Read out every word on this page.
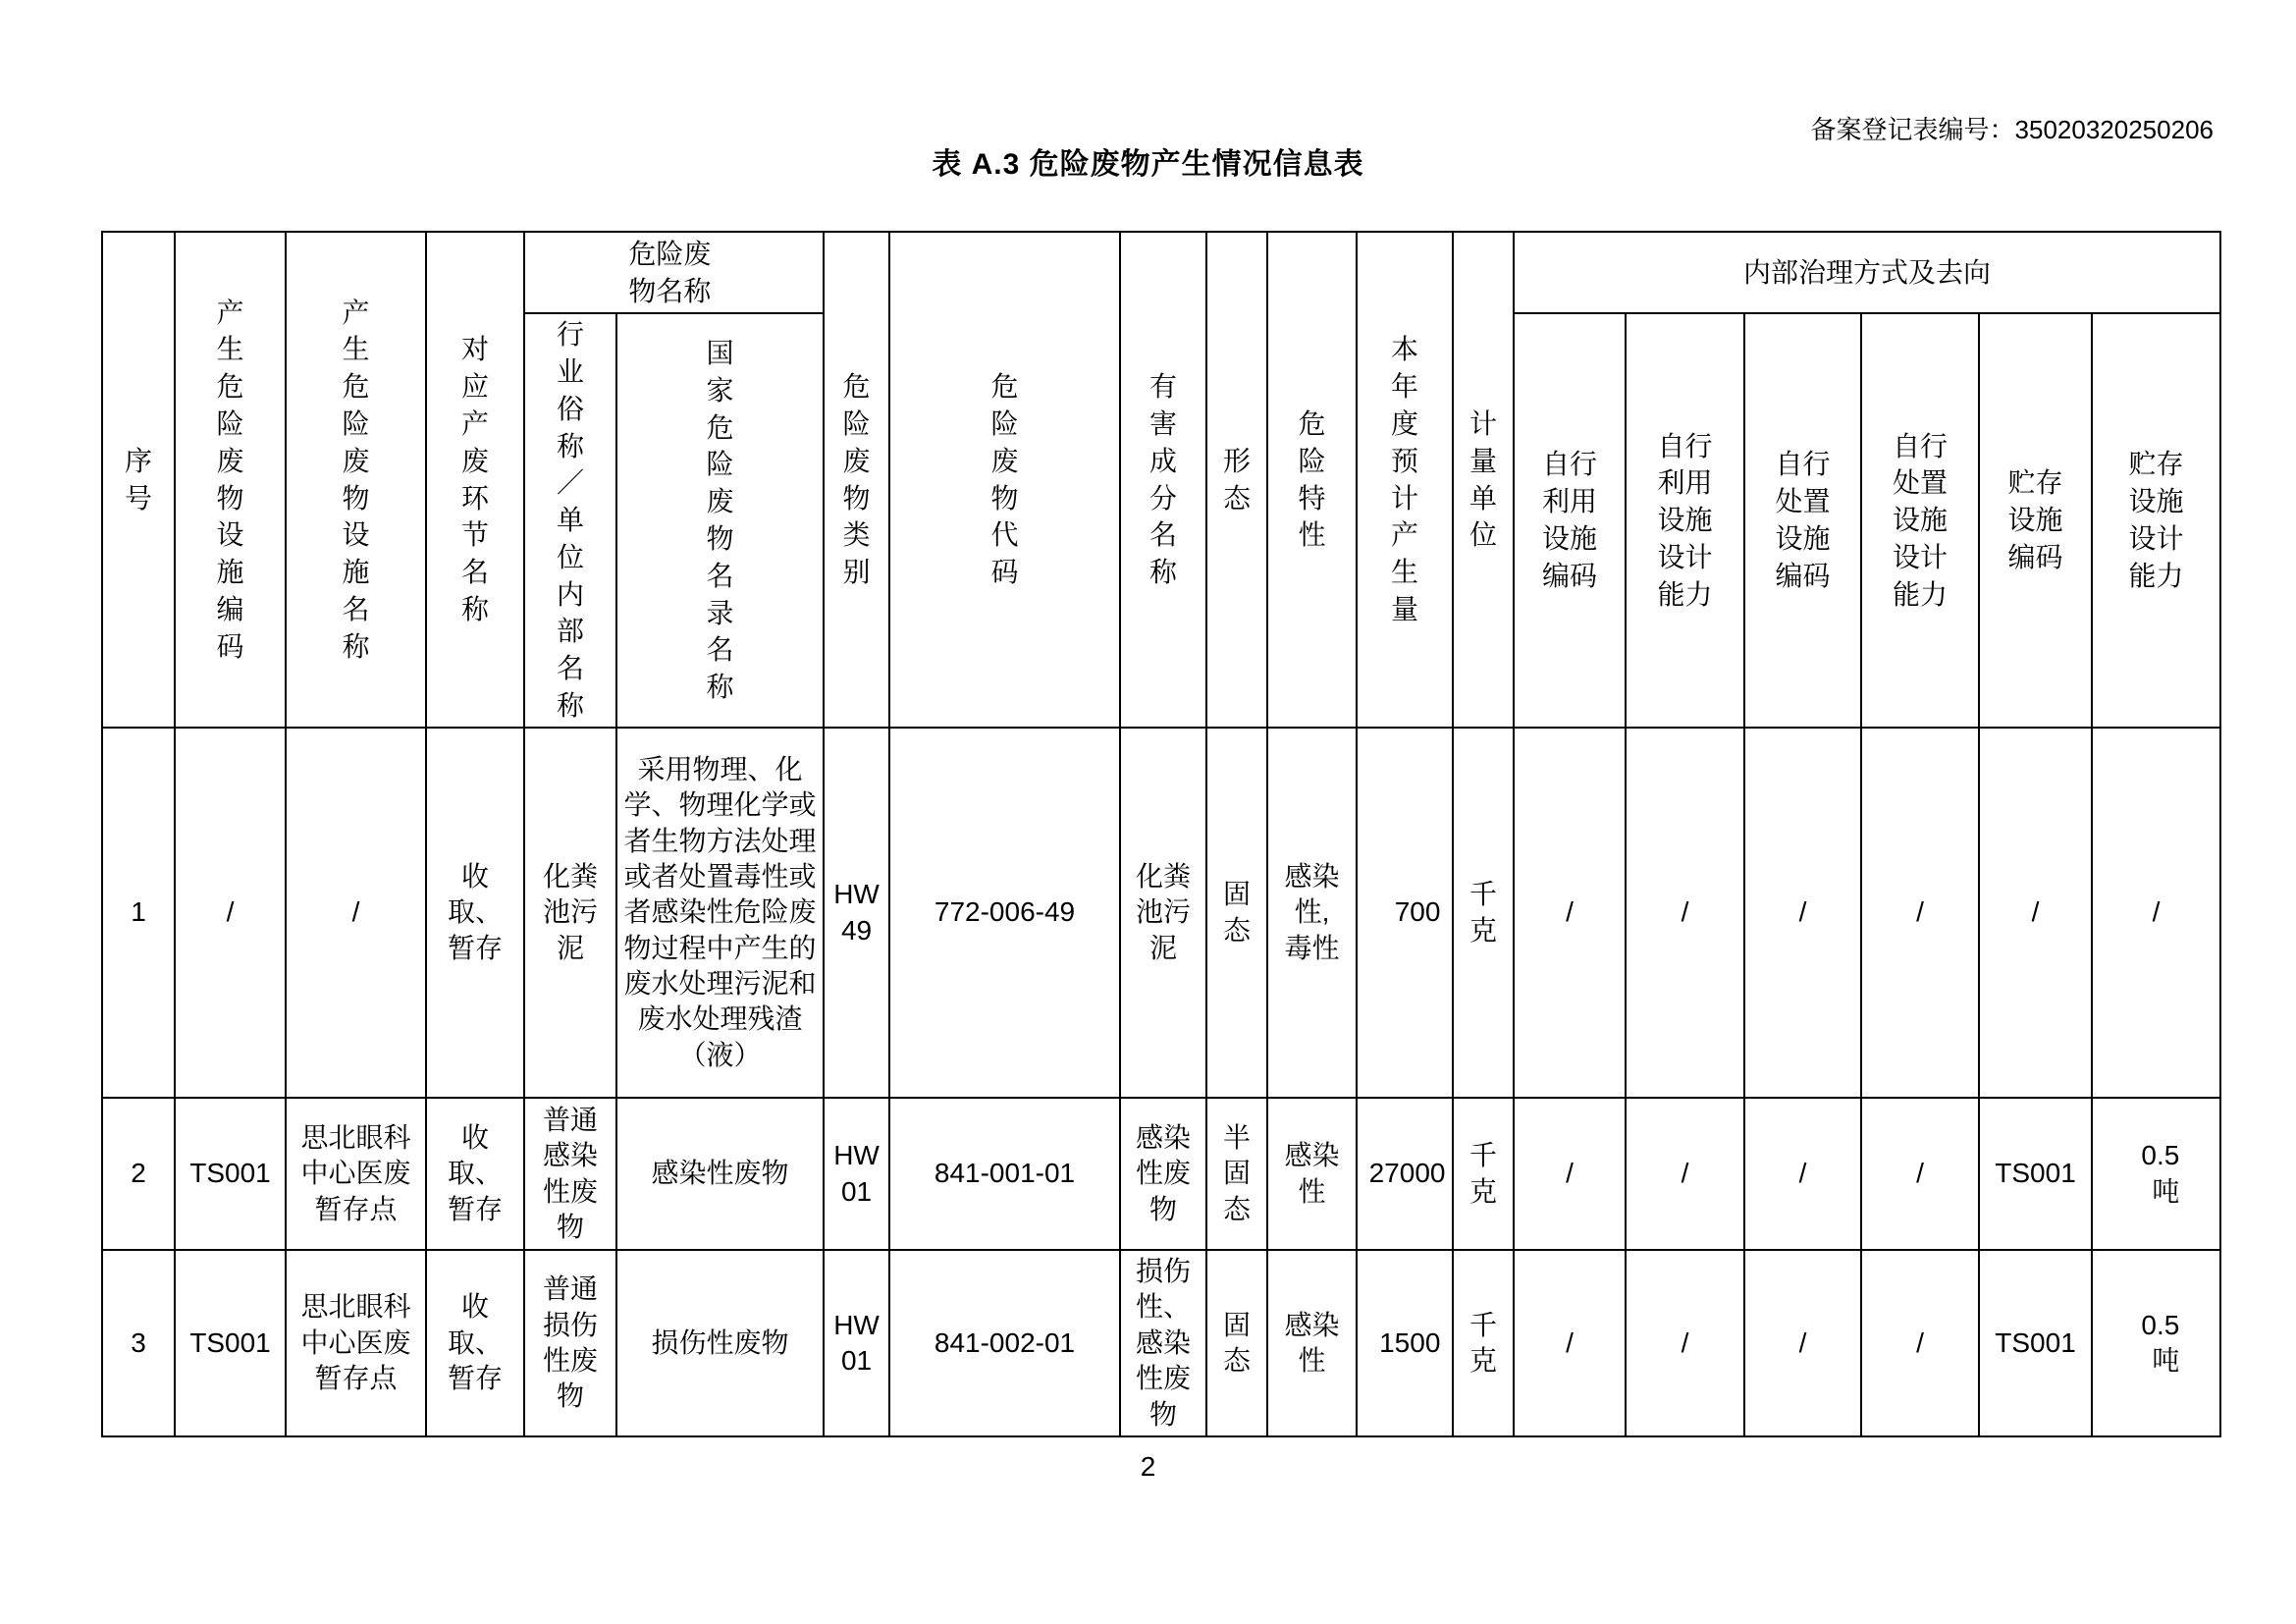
备案登记表编号：35020320250206
表 A.3 危险废物产生情况信息表
序号	产生危险废物设施编码	产生危险废物设施名称	对应产废环节名称	危险废物名称		危险废物类别	危险废物代码	有害成分名称	形态	危险特性	本年度预计产生量	计量单位	内部治理方式及去向					
				行业俗称／单位内部名称	国家危险废物名录名称								自行利用设施编码	自行利用设施设计能力	自行处置设施编码	自行处置设施设计能力	贮存设施编码	贮存设施设计能力
1	/	/	收取、暂存	化粪池污泥	采用物理、化学、物理化学或者生物方法处理或者处置毒性或者感染性危险废物过程中产生的废水处理污泥和废水处理残渣（液）	HW 49	772-006-49	化粪池污泥	固态	感染性,毒性	700	千克	/	/	/	/	/	/
2	TS001	思北眼科中心医废暂存点	收取、暂存	普通感染性废物	感染性废物	HW 01	841-001-01	感染性废物	半固态	感染性	27000	千克	/	/	/	/	TS001	0.5 吨
3	TS001	思北眼科中心医废暂存点	收取、暂存	普通损伤性废物	损伤性废物	HW 01	841-002-01	损伤性、感染性废物	固态	感染性	1500	千克	/	/	/	/	TS001	0.5 吨
2
